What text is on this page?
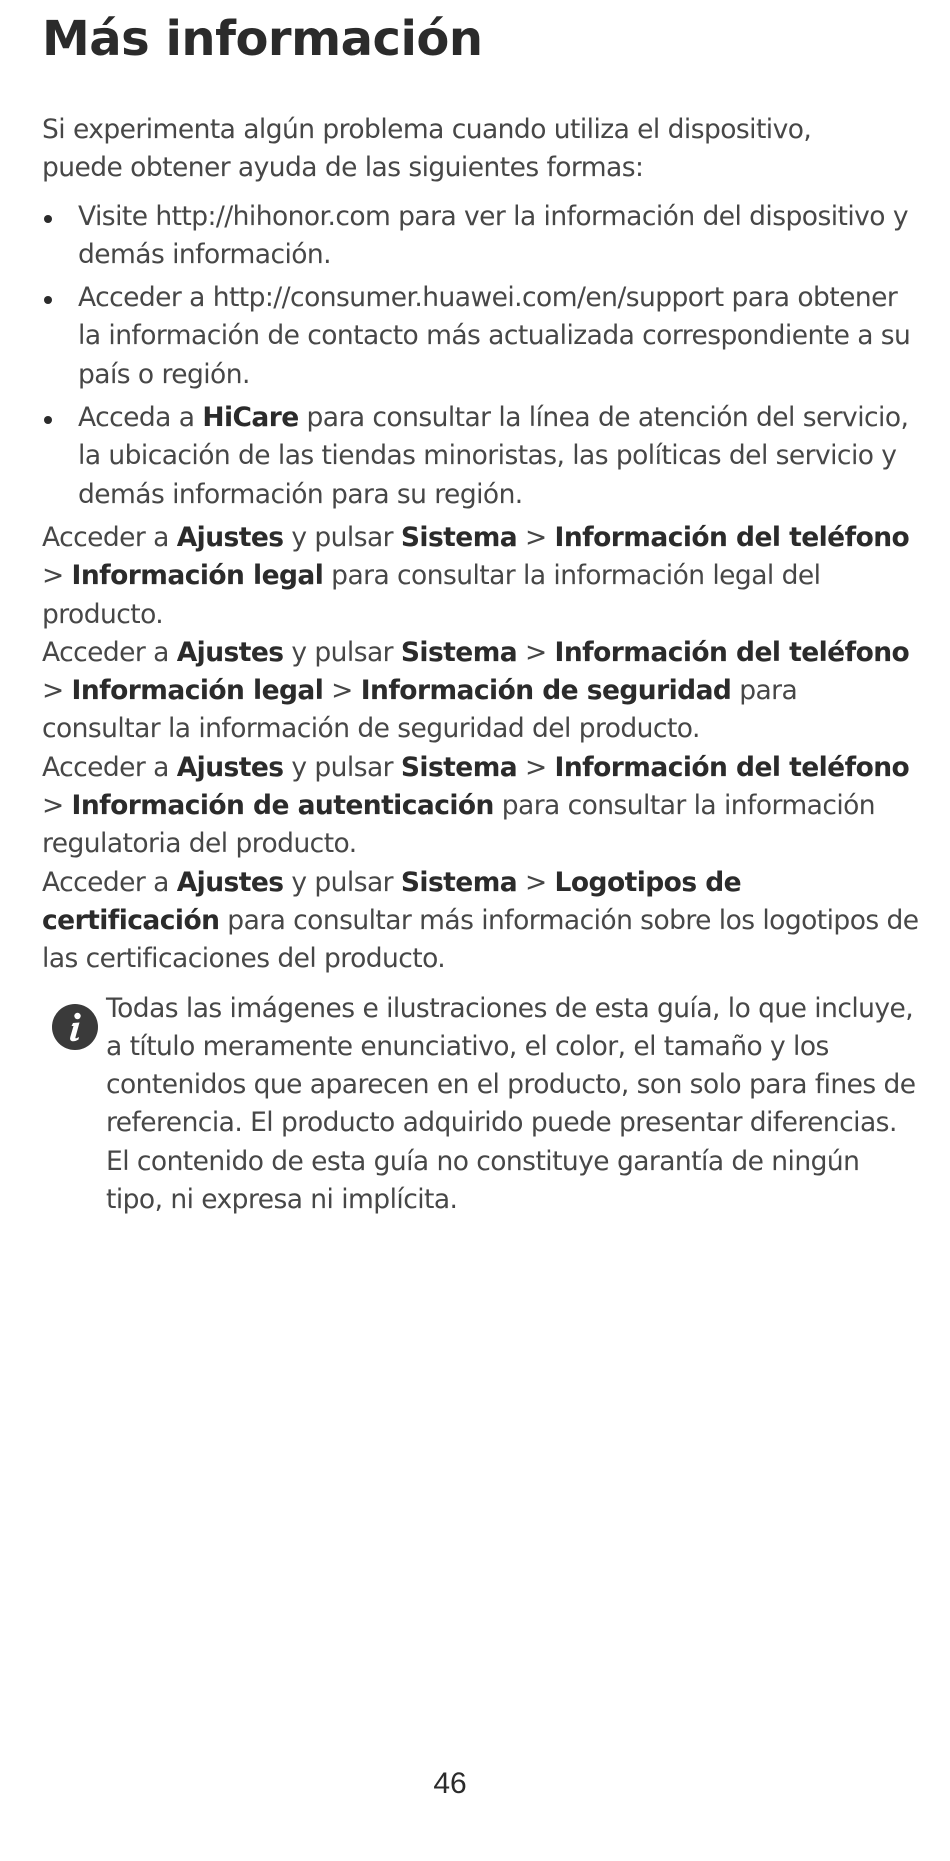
Más información

Si experimenta algún problema cuando utiliza el dispositivo, puede obtener ayuda de las siguientes formas:

Visite http://hihonor.com para ver la información del dispositivo y demás información.
Acceder a http://consumer.huawei.com/en/support para obtener la información de contacto más actualizada correspondiente a su país o región.
Acceda a HiCare para consultar la línea de atención del servicio, la ubicación de las tiendas minoristas, las políticas del servicio y demás información para su región.

Acceder a Ajustes y pulsar Sistema > Información del teléfono > Información legal para consultar la información legal del producto.

Acceder a Ajustes y pulsar Sistema > Información del teléfono > Información legal > Información de seguridad para consultar la información de seguridad del producto.

Acceder a Ajustes y pulsar Sistema > Información del teléfono > Información de autenticación para consultar la información regulatoria del producto.

Acceder a Ajustes y pulsar Sistema > Logotipos de certificación para consultar más información sobre los logotipos de las certificaciones del producto.

Todas las imágenes e ilustraciones de esta guía, lo que incluye, a título meramente enunciativo, el color, el tamaño y los contenidos que aparecen en el producto, son solo para fines de referencia. El producto adquirido puede presentar diferencias. El contenido de esta guía no constituye garantía de ningún tipo, ni expresa ni implícita.
46
